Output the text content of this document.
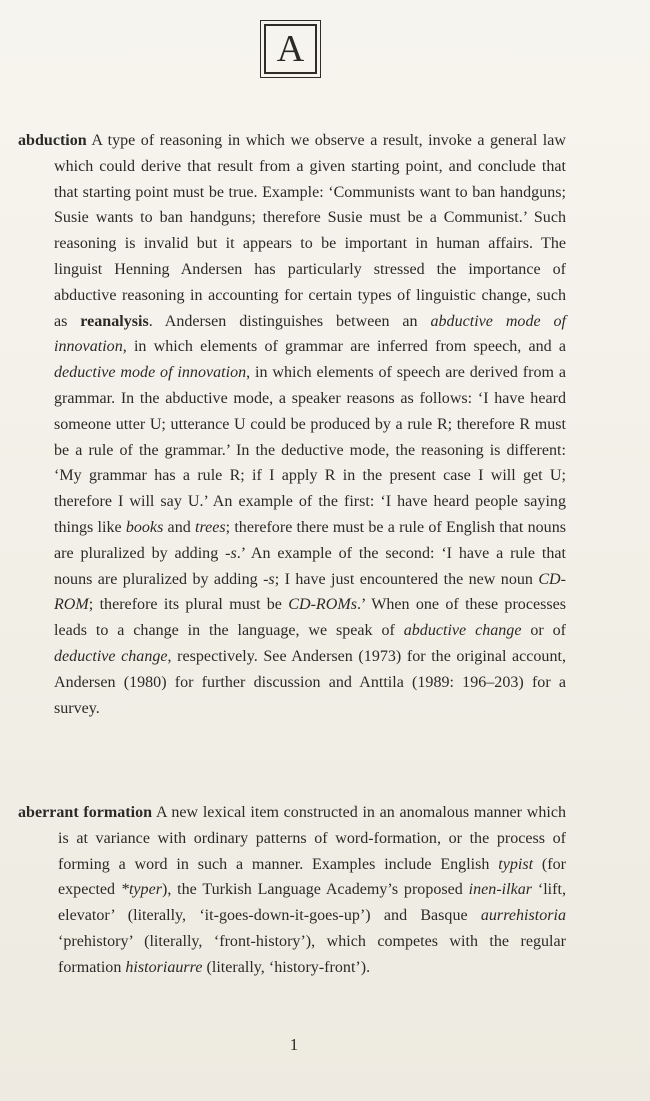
A

abduction A type of reasoning in which we observe a result, invoke a general law which could derive that result from a given starting point, and conclude that that starting point must be true. Example: ‘Communists want to ban handguns; Susie wants to ban handguns; therefore Susie must be a Communist.’ Such reasoning is invalid but it appears to be important in human affairs. The linguist Henning Andersen has particularly stressed the importance of abductive reasoning in accounting for certain types of linguistic change, such as reanalysis. Andersen distinguishes between an abductive mode of innovation, in which elements of grammar are inferred from speech, and a deductive mode of innovation, in which elements of speech are derived from a grammar. In the abductive mode, a speaker reasons as follows: ‘I have heard someone utter U; utterance U could be produced by a rule R; therefore R must be a rule of the grammar.’ In the deductive mode, the reasoning is different: ‘My grammar has a rule R; if I apply R in the present case I will get U; therefore I will say U.’ An example of the first: ‘I have heard people saying things like books and trees; therefore there must be a rule of English that nouns are pluralized by adding -s.’ An example of the second: ‘I have a rule that nouns are pluralized by adding -s; I have just encountered the new noun CD-ROM; therefore its plural must be CD-ROMs.’ When one of these processes leads to a change in the language, we speak of abductive change or of deductive change, respectively. See Andersen (1973) for the original account, Andersen (1980) for further discussion and Anttila (1989: 196–203) for a survey.

aberrant formation A new lexical item constructed in an anomalous manner which is at variance with ordinary patterns of word-formation, or the process of forming a word in such a manner. Examples include English typist (for expected *typer), the Turkish Language Academy’s proposed inen-ilkar ‘lift, elevator’ (literally, ‘it-goes-down-it-goes-up’) and Basque aurrehistoria ‘prehistory’ (literally, ‘front-history’), which competes with the regular formation historiaurre (literally, ‘history-front’).

1
